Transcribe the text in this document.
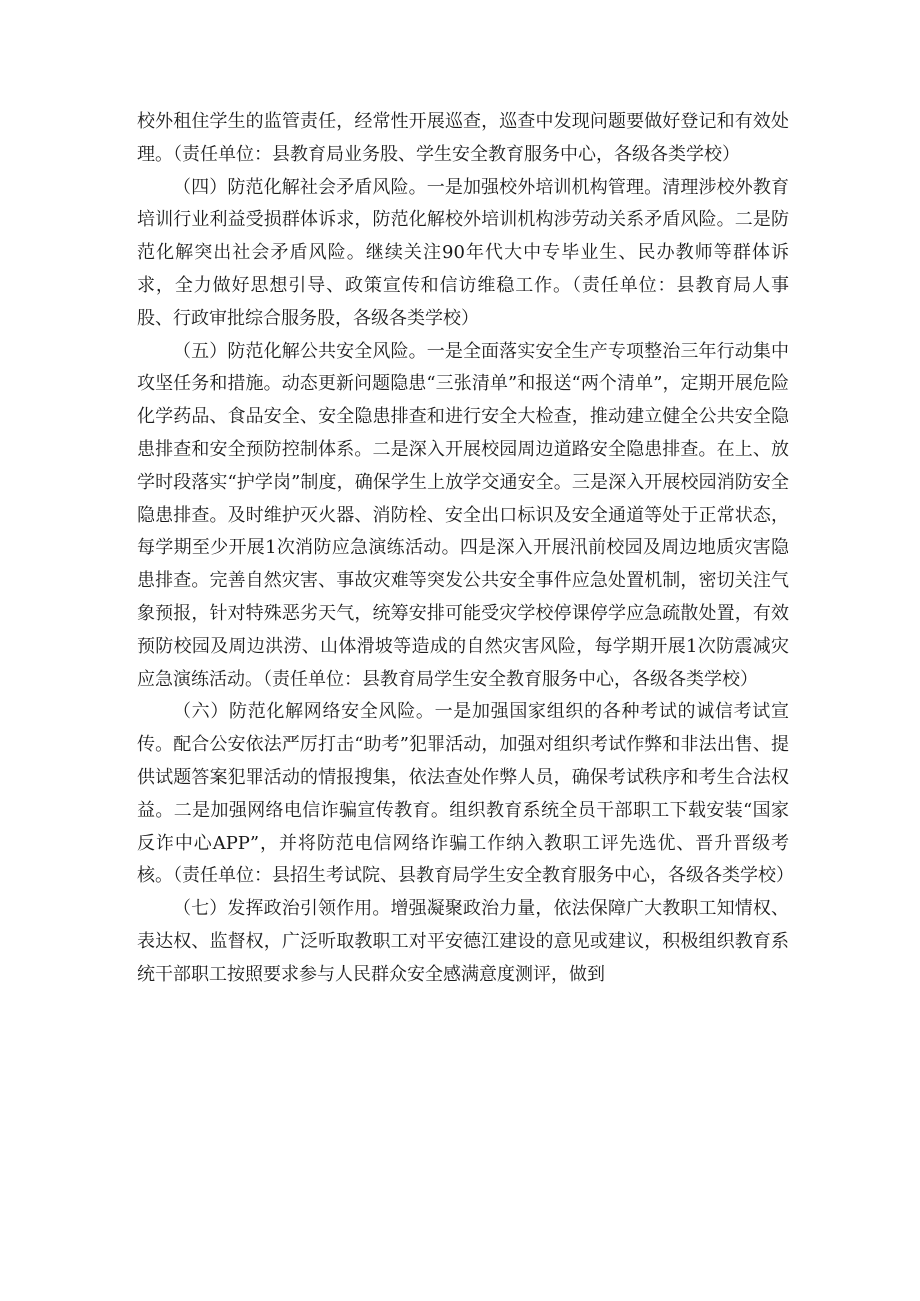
校外租住学生的监管责任，经常性开展巡查，巡查中发现问题要做好登记和有效处理。（责任单位：县教育局业务股、学生安全教育服务中心，各级各类学校）

（四）防范化解社会矛盾风险。一是加强校外培训机构管理。清理涉校外教育培训行业利益受损群体诉求，防范化解校外培训机构涉劳动关系矛盾风险。二是防范化解突出社会矛盾风险。继续关注90年代大中专毕业生、民办教师等群体诉求，全力做好思想引导、政策宣传和信访维稳工作。（责任单位：县教育局人事股、行政审批综合服务股，各级各类学校）

（五）防范化解公共安全风险。一是全面落实安全生产专项整治三年行动集中攻坚任务和措施。动态更新问题隐患“三张清单”和报送“两个清单”，定期开展危险化学药品、食品安全、安全隐患排查和进行安全大检查，推动建立健全公共安全隐患排查和安全预防控制体系。二是深入开展校园周边道路安全隐患排查。在上、放学时段落实“护学岗”制度，确保学生上放学交通安全。三是深入开展校园消防安全隐患排查。及时维护灭火器、消防栓、安全出口标识及安全通道等处于正常状态，每学期至少开展1次消防应急演练活动。四是深入开展汛前校园及周边地质灾害隐患排查。完善自然灾害、事故灾难等突发公共安全事件应急处置机制，密切关注气象预报，针对特殊恶劣天气，统筹安排可能受灾学校停课停学应急疏散处置，有效预防校园及周边洪涝、山体滑坡等造成的自然灾害风险，每学期开展1次防震减灾应急演练活动。（责任单位：县教育局学生安全教育服务中心，各级各类学校）

（六）防范化解网络安全风险。一是加强国家组织的各种考试的诚信考试宣传。配合公安依法严厉打击“助考”犯罪活动，加强对组织考试作弊和非法出售、提供试题答案犯罪活动的情报搜集，依法查处作弊人员，确保考试秩序和考生合法权益。二是加强网络电信诈骗宣传教育。组织教育系统全员干部职工下载安装“国家反诈中心APP”，并将防范电信网络诈骗工作纳入教职工评先选优、晋升晋级考核。（责任单位：县招生考试院、县教育局学生安全教育服务中心，各级各类学校）

（七）发挥政治引领作用。增强凝聚政治力量，依法保障广大教职工知情权、表达权、监督权，广泛听取教职工对平安德江建设的意见或建议，积极组织教育系统干部职工按照要求参与人民群众安全感满意度测评，做到
